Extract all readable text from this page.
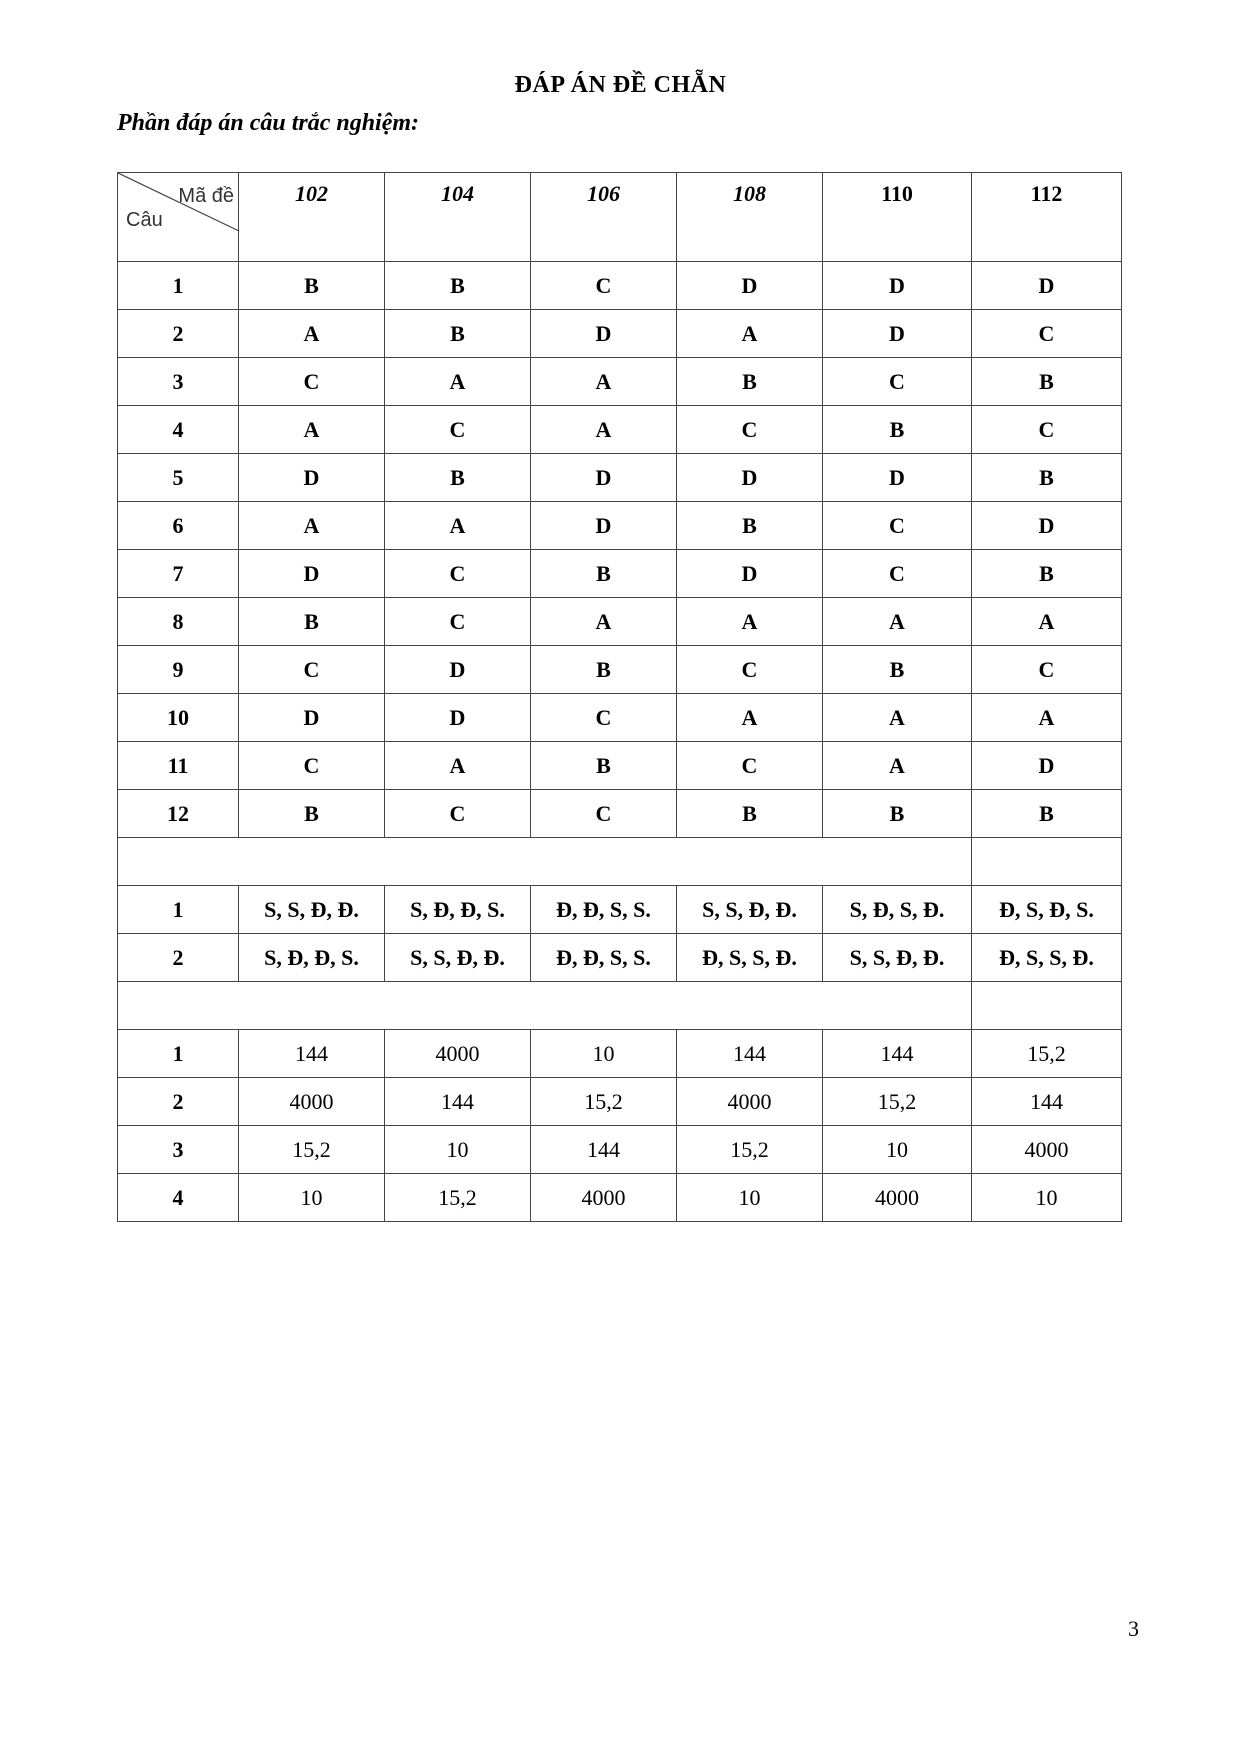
ĐÁP ÁN ĐỀ CHẴN
Phần đáp án câu trắc nghiệm:
Mã đề
Câu	102	104	106	108	110	112
1	B	B	C	D	D	D
2	A	B	D	A	D	C
3	C	A	A	B	C	B
4	A	C	A	C	B	C
5	D	B	D	D	D	B
6	A	A	D	B	C	D
7	D	C	B	D	C	B
8	B	C	A	A	A	A
9	C	D	B	C	B	C
10	D	D	C	A	A	A
11	C	A	B	C	A	D
12	B	C	C	B	B	B

1	S, S, Đ, Đ.	S, Đ, Đ, S.	Đ, Đ, S, S.	S, S, Đ, Đ.	S, Đ, S, Đ.	Đ, S, Đ, S.
2	S, Đ, Đ, S.	S, S, Đ, Đ.	Đ, Đ, S, S.	Đ, S, S, Đ.	S, S, Đ, Đ.	Đ, S, S, Đ.

1	144	4000	10	144	144	15,2
2	4000	144	15,2	4000	15,2	144
3	15,2	10	144	15,2	10	4000
4	10	15,2	4000	10	4000	10
3
